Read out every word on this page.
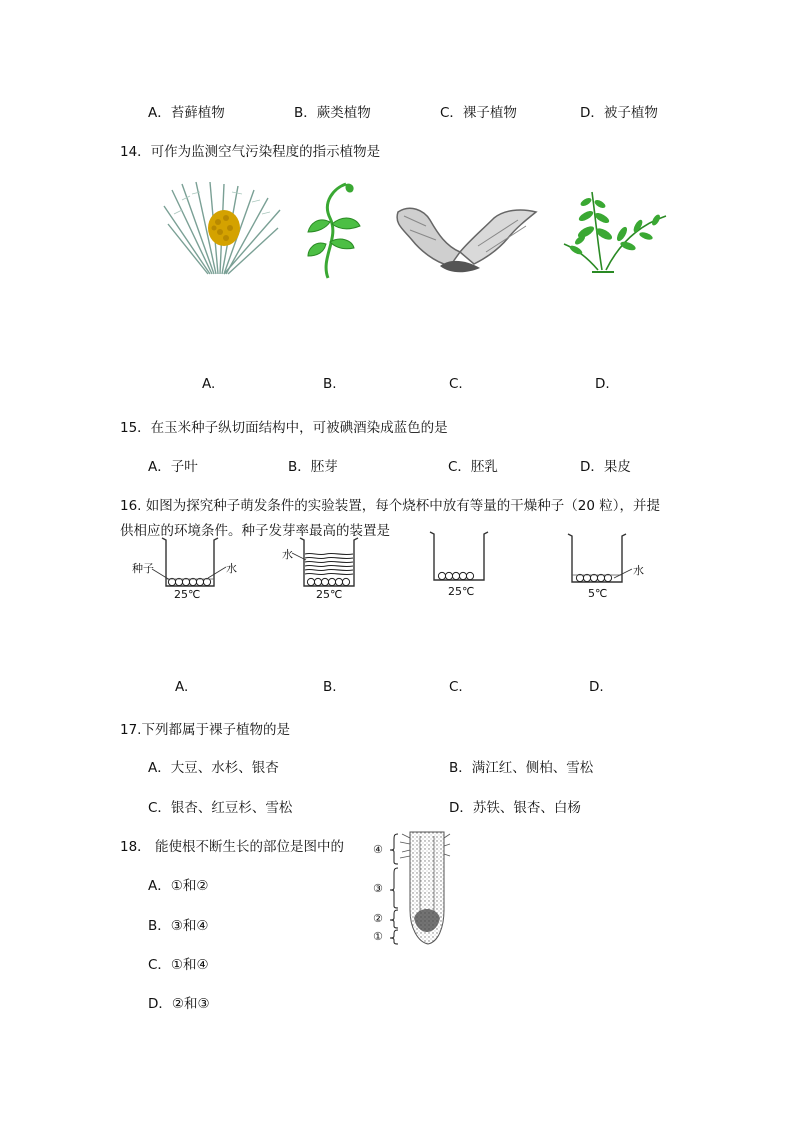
A．苔藓植物	B．蕨类植物	C．裸子植物	D．被子植物
14．可作为监测空气污染程度的指示植物是
A.	B.	C.	D.
15．在玉米种子纵切面结构中，可被碘酒染成蓝色的是
A．子叶	B．胚芽	C．胚乳	D．果皮
16. 如图为探究种子萌发条件的实验装置，每个烧杯中放有等量的干燥种子（20 粒），并提
供相应的环境条件。种子发芽率最高的装置是
种子	水
25℃
水
25℃	25℃
水
5℃
A.	B.	C.	D.
17.下列都属于裸子植物的是
A．大豆、水杉、银杏	B．满江红、侧柏、雪松
C．银杏、红豆杉、雪松	D．苏铁、银杏、白杨
18． 能使根不断生长的部位是图中的
A．①和②
B．③和④
C．①和④
D．②和③
④
③
②
①
